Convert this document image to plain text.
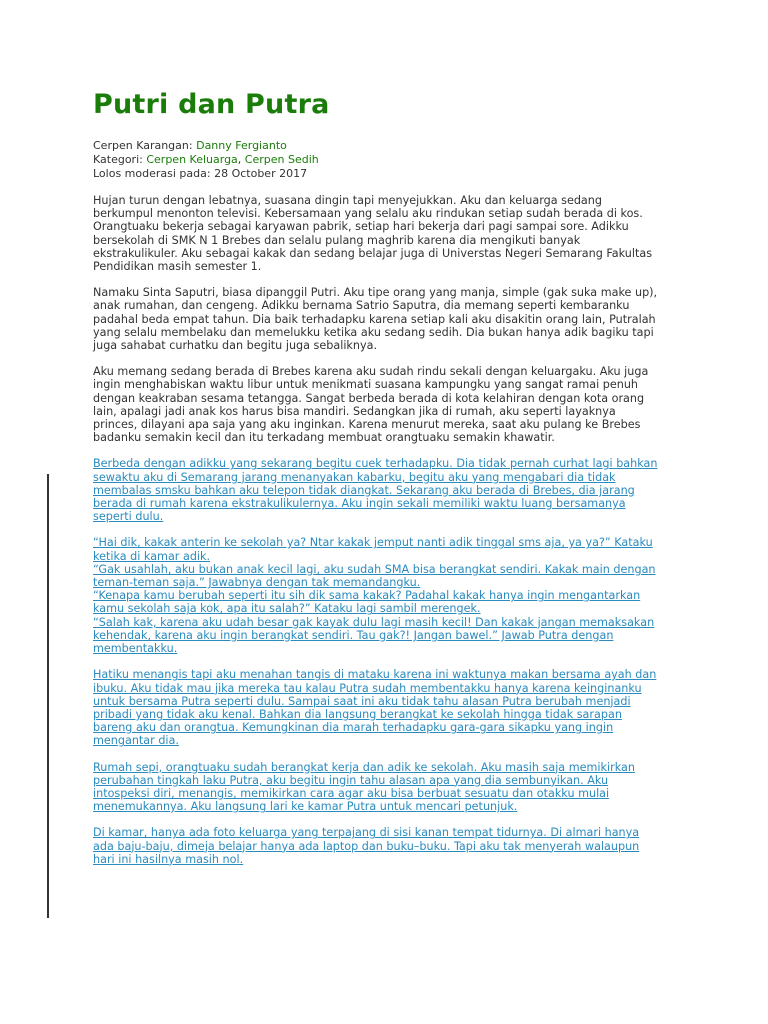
Putri dan Putra
Cerpen Karangan: Danny Fergianto
Kategori: Cerpen Keluarga, Cerpen Sedih
Lolos moderasi pada: 28 October 2017

Hujan turun dengan lebatnya, suasana dingin tapi menyejukkan. Aku dan keluarga sedang berkumpul menonton televisi. Kebersamaan yang selalu aku rindukan setiap sudah berada di kos. Orangtuaku bekerja sebagai karyawan pabrik, setiap hari bekerja dari pagi sampai sore. Adikku bersekolah di SMK N 1 Brebes dan selalu pulang maghrib karena dia mengikuti banyak ekstrakulikuler. Aku sebagai kakak dan sedang belajar juga di Universtas Negeri Semarang Fakultas Pendidikan masih semester 1.

Namaku Sinta Saputri, biasa dipanggil Putri. Aku tipe orang yang manja, simple (gak suka make up), anak rumahan, dan cengeng. Adikku bernama Satrio Saputra, dia memang seperti kembaranku padahal beda empat tahun. Dia baik terhadapku karena setiap kali aku disakitin orang lain, Putralah yang selalu membelaku dan memelukku ketika aku sedang sedih. Dia bukan hanya adik bagiku tapi juga sahabat curhatku dan begitu juga sebaliknya.

Aku memang sedang berada di Brebes karena aku sudah rindu sekali dengan keluargaku. Aku juga ingin menghabiskan waktu libur untuk menikmati suasana kampungku yang sangat ramai penuh dengan keakraban sesama tetangga. Sangat berbeda berada di kota kelahiran dengan kota orang lain, apalagi jadi anak kos harus bisa mandiri. Sedangkan jika di rumah, aku seperti layaknya princes, dilayani apa saja yang aku inginkan. Karena menurut mereka, saat aku pulang ke Brebes badanku semakin kecil dan itu terkadang membuat orangtuaku semakin khawatir.

Berbeda dengan adikku yang sekarang begitu cuek terhadapku. Dia tidak pernah curhat lagi bahkan sewaktu aku di Semarang jarang menanyakan kabarku, begitu aku yang mengabari dia tidak membalas smsku bahkan aku telepon tidak diangkat. Sekarang aku berada di Brebes, dia jarang berada di rumah karena ekstrakulikulernya. Aku ingin sekali memiliki waktu luang bersamanya seperti dulu.

“Hai dik, kakak anterin ke sekolah ya? Ntar kakak jemput nanti adik tinggal sms aja, ya ya?” Kataku ketika di kamar adik.
“Gak usahlah, aku bukan anak kecil lagi, aku sudah SMA bisa berangkat sendiri. Kakak main dengan teman-teman saja.” Jawabnya dengan tak memandangku.
“Kenapa kamu berubah seperti itu sih dik sama kakak? Padahal kakak hanya ingin mengantarkan kamu sekolah saja kok, apa itu salah?” Kataku lagi sambil merengek.
“Salah kak, karena aku udah besar gak kayak dulu lagi masih kecil! Dan kakak jangan memaksakan kehendak, karena aku ingin berangkat sendiri. Tau gak?! Jangan bawel.” Jawab Putra dengan membentakku.

Hatiku menangis tapi aku menahan tangis di mataku karena ini waktunya makan bersama ayah dan ibuku. Aku tidak mau jika mereka tau kalau Putra sudah membentakku hanya karena keinginanku untuk bersama Putra seperti dulu. Sampai saat ini aku tidak tahu alasan Putra berubah menjadi pribadi yang tidak aku kenal. Bahkan dia langsung berangkat ke sekolah hingga tidak sarapan bareng aku dan orangtua. Kemungkinan dia marah terhadapku gara-gara sikapku yang ingin mengantar dia.

Rumah sepi, orangtuaku sudah berangkat kerja dan adik ke sekolah. Aku masih saja memikirkan perubahan tingkah laku Putra, aku begitu ingin tahu alasan apa yang dia sembunyikan. Aku intospeksi diri, menangis, memikirkan cara agar aku bisa berbuat sesuatu dan otakku mulai menemukannya. Aku langsung lari ke kamar Putra untuk mencari petunjuk.

Di kamar, hanya ada foto keluarga yang terpajang di sisi kanan tempat tidurnya. Di almari hanya ada baju-baju, dimeja belajar hanya ada laptop dan buku–buku. Tapi aku tak menyerah walaupun hari ini hasilnya masih nol.
